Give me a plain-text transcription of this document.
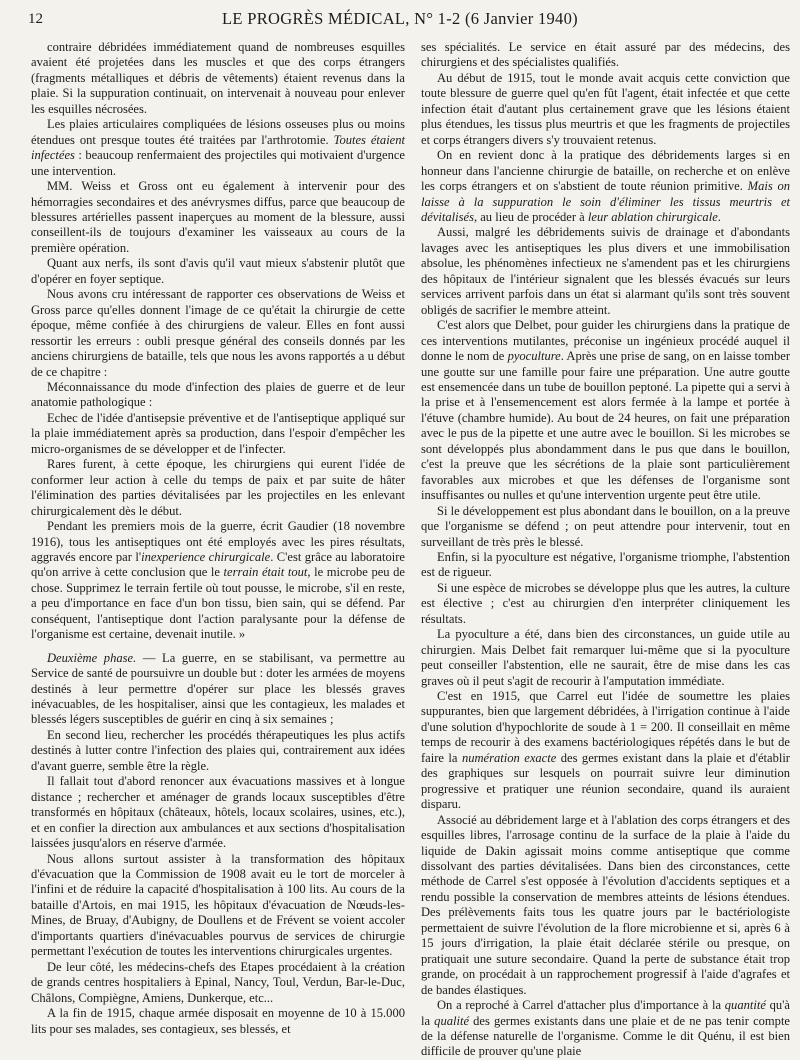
12	LE PROGRÈS MÉDICAL, N° 1-2 (6 Janvier 1940)

contraire débridées immédiatement quand de nombreuses esquilles avaient été projetées dans les muscles et que des corps étrangers (fragments métalliques et débris de vêtements) étaient revenus dans la plaie. Si la suppuration continuait, on intervenait à nouveau pour enlever les esquilles nécrosées.

Les plaies articulaires compliquées de lésions osseuses plus ou moins étendues ont presque toutes été traitées par l'arthrotomie. Toutes étaient infectées : beaucoup renfermaient des projectiles qui motivaient d'urgence une intervention.

MM. Weiss et Gross ont eu également à intervenir pour des hémorragies secondaires et des anévrysmes diffus, parce que beaucoup de blessures artérielles passent inaperçues au moment de la blessure, aussi conseillent-ils de toujours d'examiner les vaisseaux au cours de la première opération.

Quant aux nerfs, ils sont d'avis qu'il vaut mieux s'abstenir plutôt que d'opérer en foyer septique.

Nous avons cru intéressant de rapporter ces observations de Weiss et Gross parce qu'elles donnent l'image de ce qu'était la chirurgie de cette époque, même confiée à des chirurgiens de valeur. Elles en font aussi ressortir les erreurs : oubli presque général des conseils donnés par les anciens chirurgiens de bataille, tels que nous les avons rapportés a u début de ce chapitre :

Méconnaissance du mode d'infection des plaies de guerre et de leur anatomie pathologique :

Echec de l'idée d'antisepsie préventive et de l'antiseptique appliqué sur la plaie immédiatement après sa production, dans l'espoir d'empêcher les micro-organismes de se développer et de l'infecter.

Rares furent, à cette époque, les chirurgiens qui eurent l'idée de conformer leur action à celle du temps de paix et par suite de hâter l'élimination des parties dévitalisées par les projectiles en les enlevant chirurgicalement dès le début.

Pendant les premiers mois de la guerre, écrit Gaudier (18 novembre 1916), tous les antiseptiques ont été employés avec les pires résultats, aggravés encore par l'inexperience chirurgicale. C'est grâce au laboratoire qu'on arrive à cette conclusion que le terrain était tout, le microbe peu de chose. Supprimez le terrain fertile où tout pousse, le microbe, s'il en reste, a peu d'importance en face d'un bon tissu, bien sain, qui se défend. Par conséquent, l'antiseptique dont l'action paralysante pour la défense de l'organisme est certaine, devenait inutile. »

Deuxième phase. — La guerre, en se stabilisant, va permettre au Service de santé de poursuivre un double but : doter les armées de moyens destinés à leur permettre d'opérer sur place les blessés graves inévacuables, de les hospitaliser, ainsi que les contagieux, les malades et blessés légers susceptibles de guérir en cinq à six semaines ;

En second lieu, rechercher les procédés thérapeutiques les plus actifs destinés à lutter contre l'infection des plaies qui, contrairement aux idées d'avant guerre, semble être la règle.

Il fallait tout d'abord renoncer aux évacuations massives et à longue distance ; rechercher et aménager de grands locaux susceptibles d'être transformés en hôpitaux (châteaux, hôtels, locaux scolaires, usines, etc.), et en confier la direction aux ambulances et aux sections d'hospitalisation laissées jusqu'alors en réserve d'armée.

Nous allons surtout assister à la transformation des hôpitaux d'évacuation que la Commission de 1908 avait eu le tort de morceler à l'infini et de réduire la capacité d'hospitalisation à 100 lits. Au cours de la bataille d'Artois, en mai 1915, les hôpitaux d'évacuation de Nœuds-les-Mines, de Bruay, d'Aubigny, de Doullens et de Frévent se voient accoler d'importants quartiers d'inévacuables pourvus de services de chirurgie permettant l'exécution de toutes les interventions chirurgicales urgentes.

De leur côté, les médecins-chefs des Etapes procédaient à la création de grands centres hospitaliers à Epinal, Nancy, Toul, Verdun, Bar-le-Duc, Châlons, Compiègne, Amiens, Dunkerque, etc...

A la fin de 1915, chaque armée disposait en moyenne de 10 à 15.000 lits pour ses malades, ses contagieux, ses blessés, et

ses spécialités. Le service en était assuré par des médecins, des chirurgiens et des spécialistes qualifiés.

Au début de 1915, tout le monde avait acquis cette conviction que toute blessure de guerre quel qu'en fût l'agent, était infectée et que cette infection était d'autant plus certainement grave que les lésions étaient plus étendues, les tissus plus meurtris et que les fragments de projectiles et corps étrangers divers s'y trouvaient retenus.

On en revient donc à la pratique des débridements larges si en honneur dans l'ancienne chirurgie de bataille, on recherche et on enlève les corps étrangers et on s'abstient de toute réunion primitive. Mais on laisse à la suppuration le soin d'éliminer les tissus meurtris et dévitalisés, au lieu de procéder à leur ablation chirurgicale.

Aussi, malgré les débridements suivis de drainage et d'abondants lavages avec les antiseptiques les plus divers et une immobilisation absolue, les phénomènes infectieux ne s'amendent pas et les chirurgiens des hôpitaux de l'intérieur signalent que les blessés évacués sur leurs services arrivent parfois dans un état si alarmant qu'ils sont très souvent obligés de sacrifier le membre atteint.

C'est alors que Delbet, pour guider les chirurgiens dans la pratique de ces interventions mutilantes, préconise un ingénieux procédé auquel il donne le nom de pyoculture. Après une prise de sang, on en laisse tomber une goutte sur une famille pour faire une préparation. Une autre goutte est ensemencée dans un tube de bouillon peptoné. La pipette qui a servi à la prise et à l'ensemencement est alors fermée à la lampe et portée à l'étuve (chambre humide). Au bout de 24 heures, on fait une préparation avec le pus de la pipette et une autre avec le bouillon. Si les microbes se sont développés plus abondamment dans le pus que dans le bouillon, c'est la preuve que les sécrétions de la plaie sont particulièrement favorables aux microbes et que les défenses de l'organisme sont insuffisantes ou nulles et qu'une intervention urgente peut être utile.

Si le développement est plus abondant dans le bouillon, on a la preuve que l'organisme se défend ; on peut attendre pour intervenir, tout en surveillant de très près le blessé.

Enfin, si la pyoculture est négative, l'organisme triomphe, l'abstention est de rigueur.

Si une espèce de microbes se développe plus que les autres, la culture est élective ; c'est au chirurgien d'en interpréter cliniquement les résultats.

La pyoculture a été, dans bien des circonstances, un guide utile au chirurgien. Mais Delbet fait remarquer lui-même que si la pyoculture peut conseiller l'abstention, elle ne saurait, être de mise dans les cas graves où il peut s'agit de recourir à l'amputation immédiate.

C'est en 1915, que Carrel eut l'idée de soumettre les plaies suppurantes, bien que largement débridées, à l'irrigation continue à l'aide d'une solution d'hypochlorite de soude à 1 = 200. Il conseillait en même temps de recourir à des examens bactériologiques répétés dans le but de faire la numération exacte des germes existant dans la plaie et d'établir des graphiques sur lesquels on pourrait suivre leur diminution progressive et pratiquer une réunion secondaire, quand ils auraient disparu.

Associé au débridement large et à l'ablation des corps étrangers et des esquilles libres, l'arrosage continu de la surface de la plaie à l'aide du liquide de Dakin agissait moins comme antiseptique que comme dissolvant des parties dévitalisées. Dans bien des circonstances, cette méthode de Carrel s'est opposée à l'évolution d'accidents septiques et a rendu possible la conservation de membres atteints de lésions étendues. Des prélèvements faits tous les quatre jours par le bactériologiste permettaient de suivre l'évolution de la flore microbienne et si, après 6 à 15 jours d'irrigation, la plaie était déclarée stérile ou presque, on pratiquait une suture secondaire. Quand la perte de substance était trop grande, on procédait à un rapprochement progressif à l'aide d'agrafes et de bandes élastiques.

On a reproché à Carrel d'attacher plus d'importance à la quantité qu'à la qualité des germes existants dans une plaie et de ne pas tenir compte de la défense naturelle de l'organisme. Comme le dit Quénu, il est bien difficile de prouver qu'une plaie
